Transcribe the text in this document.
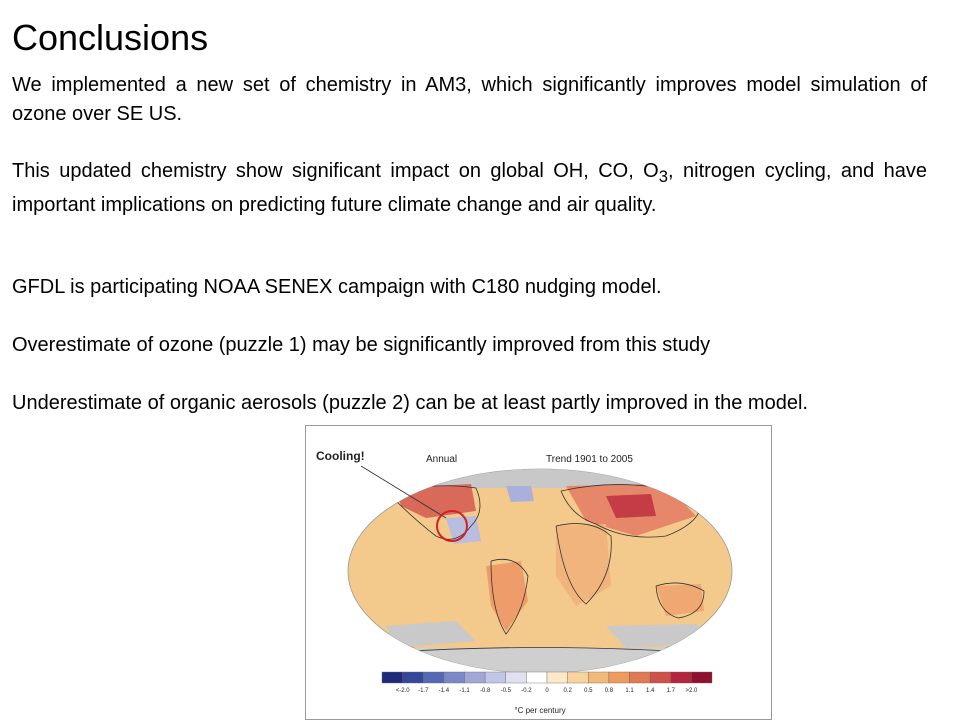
Conclusions

We implemented a new set of chemistry in AM3, which significantly improves model simulation of ozone over SE US.

This updated chemistry show significant impact on global OH, CO, $O_3$, nitrogen cycling, and have important implications on predicting future climate change and air quality.

GFDL is participating NOAA SENEX campaign with C180 nudging model.

Overestimate of ozone (puzzle 1) may be significantly improved from this study

Underestimate of organic aerosols (puzzle 2) can be at least partly improved in the model.

Annual	Trend 1901 to 2005
Cooling!
<-2.0 -1.7 -1.4 -1.1 -0.8 -0.5 -0.2 0 0.2 0.5 0.8 1.1 1.4 1.7 >2.0
°C per century
